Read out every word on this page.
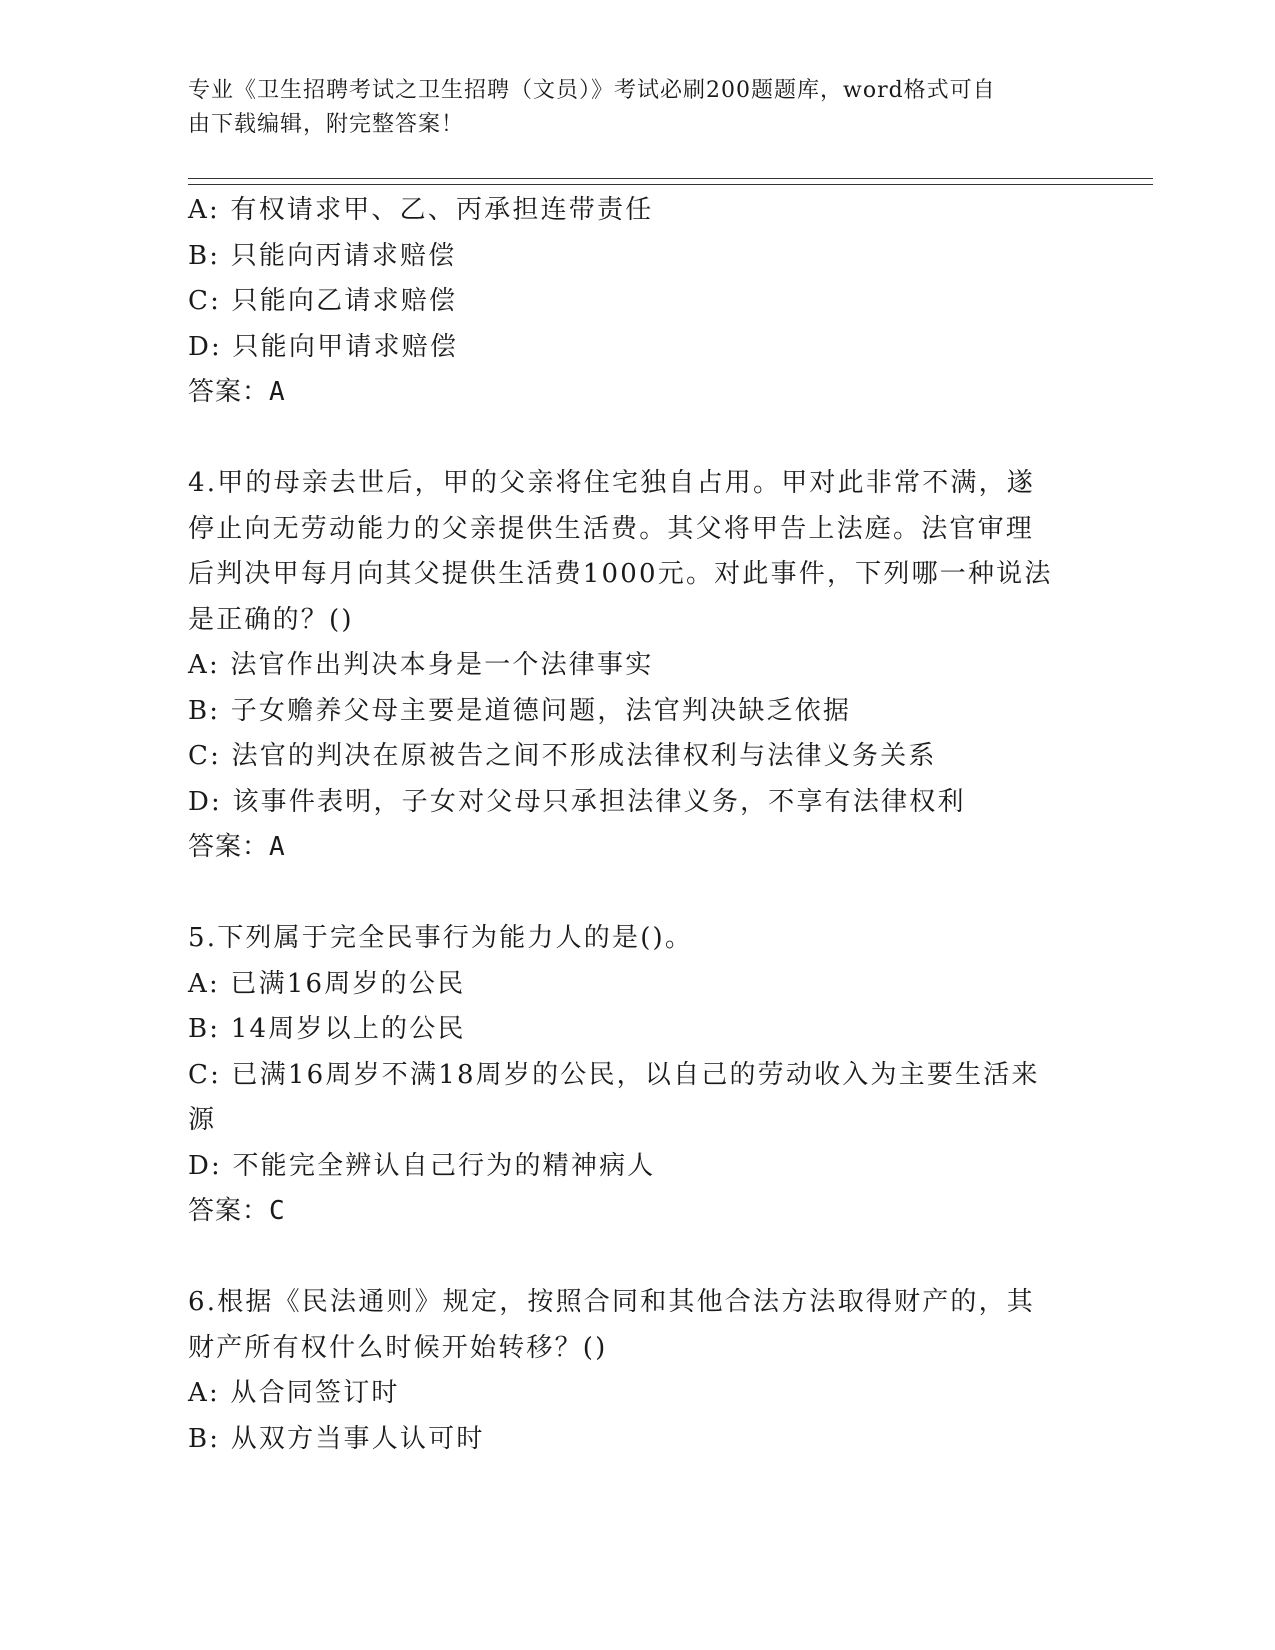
专业《卫生招聘考试之卫生招聘（文员）》考试必刷200题题库，word格式可自
由下载编辑，附完整答案！
A: 有权请求甲、乙、丙承担连带责任
B: 只能向丙请求赔偿
C: 只能向乙请求赔偿
D: 只能向甲请求赔偿
答案：A
4.甲的母亲去世后，甲的父亲将住宅独自占用。甲对此非常不满，遂
停止向无劳动能力的父亲提供生活费。其父将甲告上法庭。法官审理
后判决甲每月向其父提供生活费1000元。对此事件，下列哪一种说法
是正确的？()
A: 法官作出判决本身是一个法律事实
B: 子女赡养父母主要是道德问题，法官判决缺乏依据
C: 法官的判决在原被告之间不形成法律权利与法律义务关系
D: 该事件表明，子女对父母只承担法律义务，不享有法律权利
答案：A
5.下列属于完全民事行为能力人的是()。
A: 已满16周岁的公民
B: 14周岁以上的公民
C: 已满16周岁不满18周岁的公民，以自己的劳动收入为主要生活来
源
D: 不能完全辨认自己行为的精神病人
答案：C
6.根据《民法通则》规定，按照合同和其他合法方法取得财产的，其
财产所有权什么时候开始转移？()
A: 从合同签订时
B: 从双方当事人认可时
